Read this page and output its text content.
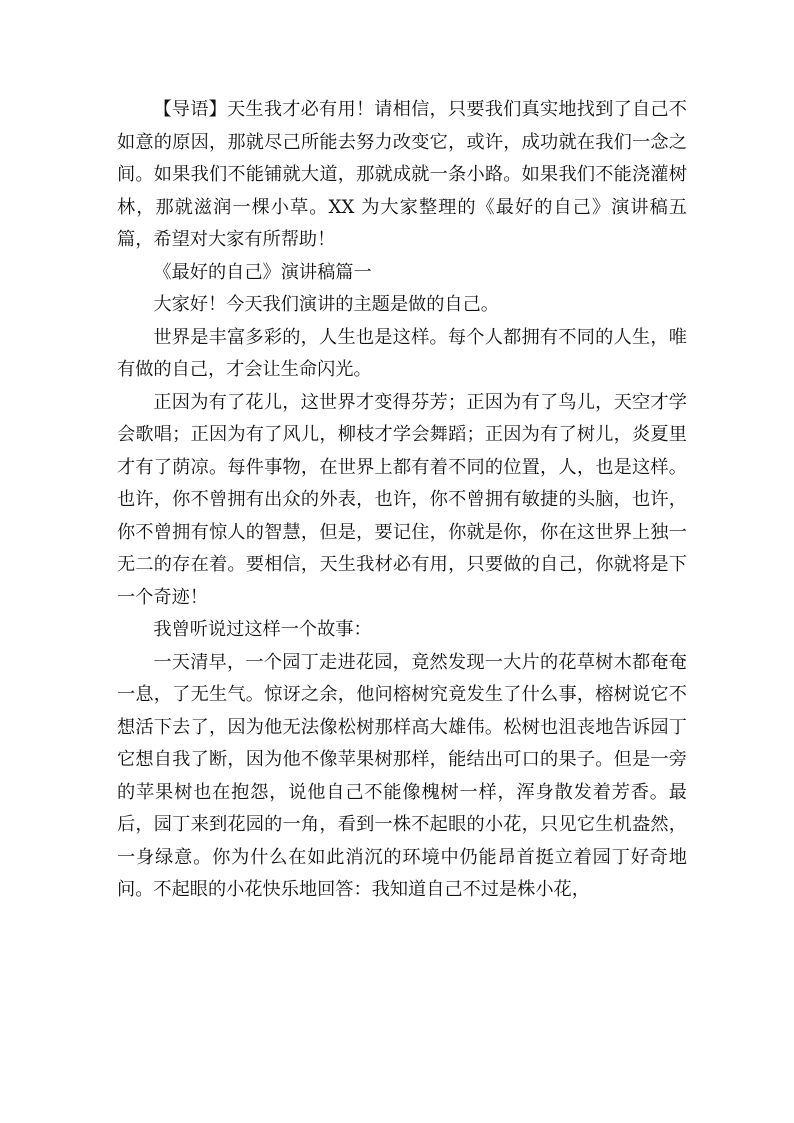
【导语】天生我才必有用！请相信，只要我们真实地找到了自己不如意的原因，那就尽己所能去努力改变它，或许，成功就在我们一念之间。如果我们不能铺就大道，那就成就一条小路。如果我们不能浇灌树林，那就滋润一棵小草。XX 为大家整理的《最好的自己》演讲稿五篇，希望对大家有所帮助！

《最好的自己》演讲稿篇一

大家好！今天我们演讲的主题是做的自己。

世界是丰富多彩的，人生也是这样。每个人都拥有不同的人生，唯有做的自己，才会让生命闪光。

正因为有了花儿，这世界才变得芬芳；正因为有了鸟儿，天空才学会歌唱；正因为有了风儿，柳枝才学会舞蹈；正因为有了树儿，炎夏里才有了荫凉。每件事物，在世界上都有着不同的位置，人，也是这样。也许，你不曾拥有出众的外表，也许，你不曾拥有敏捷的头脑，也许，你不曾拥有惊人的智慧，但是，要记住，你就是你，你在这世界上独一无二的存在着。要相信，天生我材必有用，只要做的自己，你就将是下一个奇迹！

我曾听说过这样一个故事：

一天清早，一个园丁走进花园，竟然发现一大片的花草树木都奄奄一息，了无生气。惊讶之余，他问榕树究竟发生了什么事，榕树说它不想活下去了，因为他无法像松树那样高大雄伟。松树也沮丧地告诉园丁它想自我了断，因为他不像苹果树那样，能结出可口的果子。但是一旁的苹果树也在抱怨，说他自己不能像槐树一样，浑身散发着芳香。最后，园丁来到花园的一角，看到一株不起眼的小花，只见它生机盎然，一身绿意。你为什么在如此消沉的环境中仍能昂首挺立着园丁好奇地问。不起眼的小花快乐地回答：我知道自己不过是株小花，
